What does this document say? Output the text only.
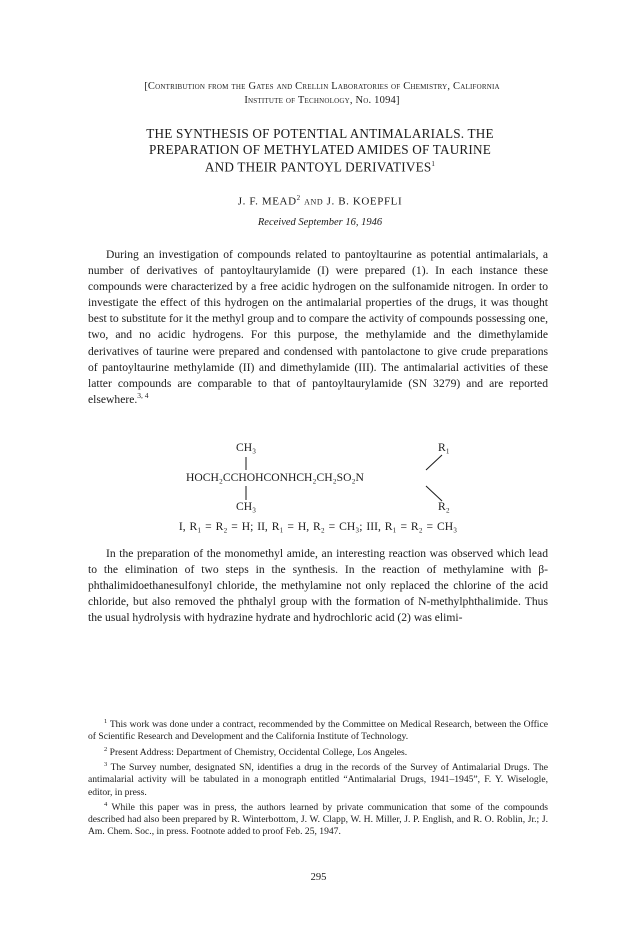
[Contribution from the Gates and Crellin Laboratories of Chemistry, California
Institute of Technology, No. 1094]
THE SYNTHESIS OF POTENTIAL ANTIMALARIALS. THE
PREPARATION OF METHYLATED AMIDES OF TAURINE
AND THEIR PANTOYL DERIVATIVES$^1$
J. F. MEAD$^2$ and J. B. KOEPFLI
Received September 16, 1946

During an investigation of compounds related to pantoyltaurine as potential antimalarials, a number of derivatives of pantoyltaurylamide (I) were prepared (1). In each instance these compounds were characterized by a free acidic hydrogen on the sulfonamide nitrogen. In order to investigate the effect of this hydrogen on the antimalarial properties of the drugs, it was thought best to substitute for it the methyl group and to compare the activity of compounds possessing one, two, and no acidic hydrogens. For this purpose, the methylamide and the dimethylamide derivatives of taurine were prepared and condensed with pantolactone to give crude preparations of pantoyltaurine methylamide (II) and dimethylamide (III). The antimalarial activities of these latter compounds are comparable to that of pantoyltaurylamide (SN 3279) and are reported elsewhere.$^{3, 4}$

CH₃	R₁
HOCH₂CCHOHCONHCH₂CH₂SO₂N
CH₃	R₂
I, R₁ = R₂ = H; II, R₁ = H, R₂ = CH₃; III, R₁ = R₂ = CH₃

In the preparation of the monomethyl amide, an interesting reaction was observed which lead to the elimination of two steps in the synthesis. In the reaction of methylamine with β-phthalimidoethanesulfonyl chloride, the methylamine not only replaced the chlorine of the acid chloride, but also removed the phthalyl group with the formation of N-methylphthalimide. Thus the usual hydrolysis with hydrazine hydrate and hydrochloric acid (2) was elimi-

$^1$ This work was done under a contract, recommended by the Committee on Medical Research, between the Office of Scientific Research and Development and the California Institute of Technology.

$^2$ Present Address: Department of Chemistry, Occidental College, Los Angeles.

$^3$ The Survey number, designated SN, identifies a drug in the records of the Survey of Antimalarial Drugs. The antimalarial activity will be tabulated in a monograph entitled “Antimalarial Drugs, 1941–1945”, F. Y. Wiselogle, editor, in press.

$^4$ While this paper was in press, the authors learned by private communication that some of the compounds described had also been prepared by R. Winterbottom, J. W. Clapp, W. H. Miller, J. P. English, and R. O. Roblin, Jr.; J. Am. Chem. Soc., in press. Footnote added to proof Feb. 25, 1947.

295
